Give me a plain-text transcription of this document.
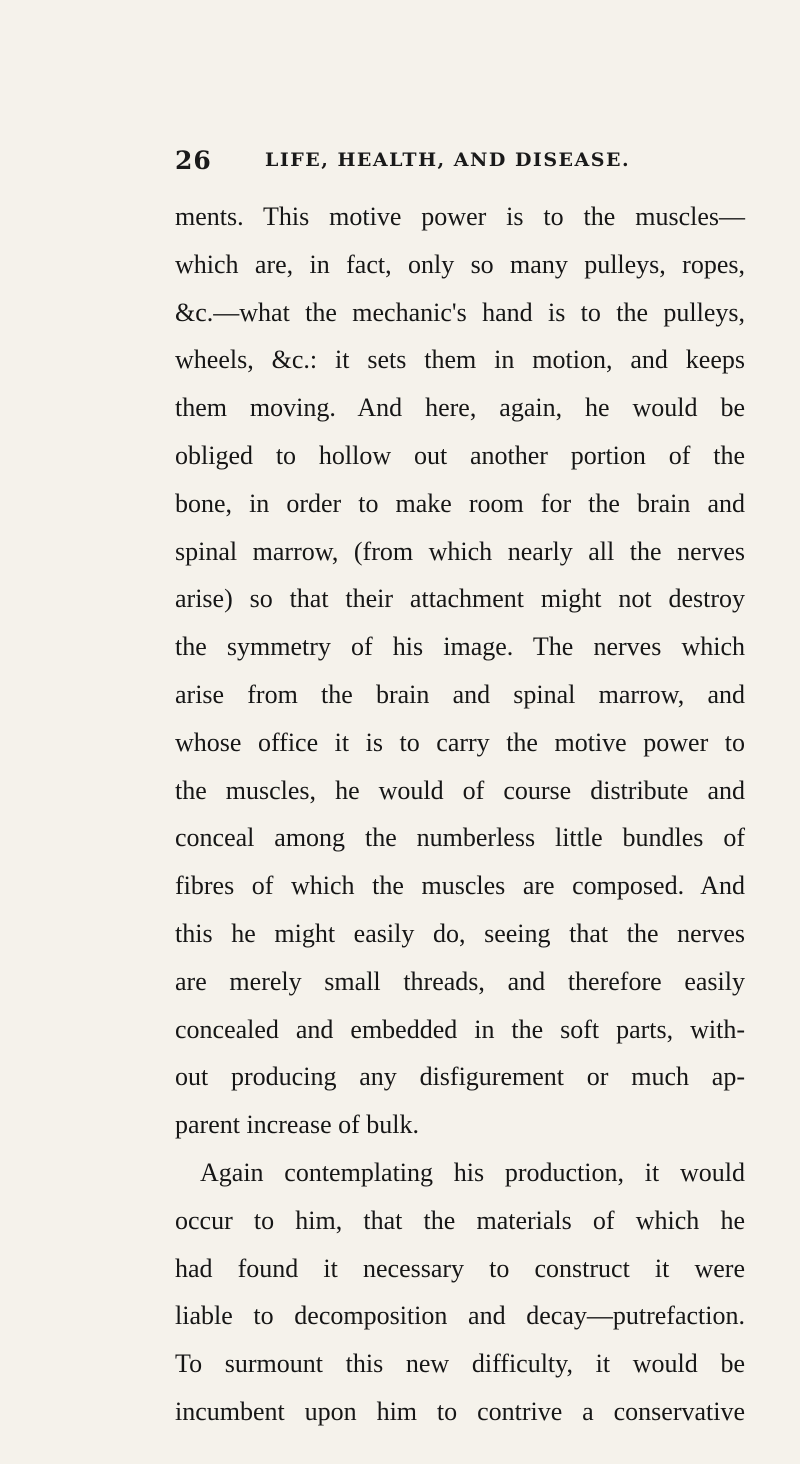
26	LIFE, HEALTH, AND DISEASE.
ments. This motive power is to the muscles—
which are, in fact, only so many pulleys, ropes,
&c.—what the mechanic's hand is to the pulleys,
wheels, &c.: it sets them in motion, and keeps
them moving. And here, again, he would be
obliged to hollow out another portion of the
bone, in order to make room for the brain and
spinal marrow, (from which nearly all the nerves
arise) so that their attachment might not destroy
the symmetry of his image. The nerves which
arise from the brain and spinal marrow, and
whose office it is to carry the motive power to
the muscles, he would of course distribute and
conceal among the numberless little bundles of
fibres of which the muscles are composed. And
this he might easily do, seeing that the nerves
are merely small threads, and therefore easily
concealed and embedded in the soft parts, with-
out producing any disfigurement or much ap-
parent increase of bulk.
Again contemplating his production, it would
occur to him, that the materials of which he
had found it necessary to construct it were
liable to decomposition and decay—putrefaction.
To surmount this new difficulty, it would be
incumbent upon him to contrive a conservative
